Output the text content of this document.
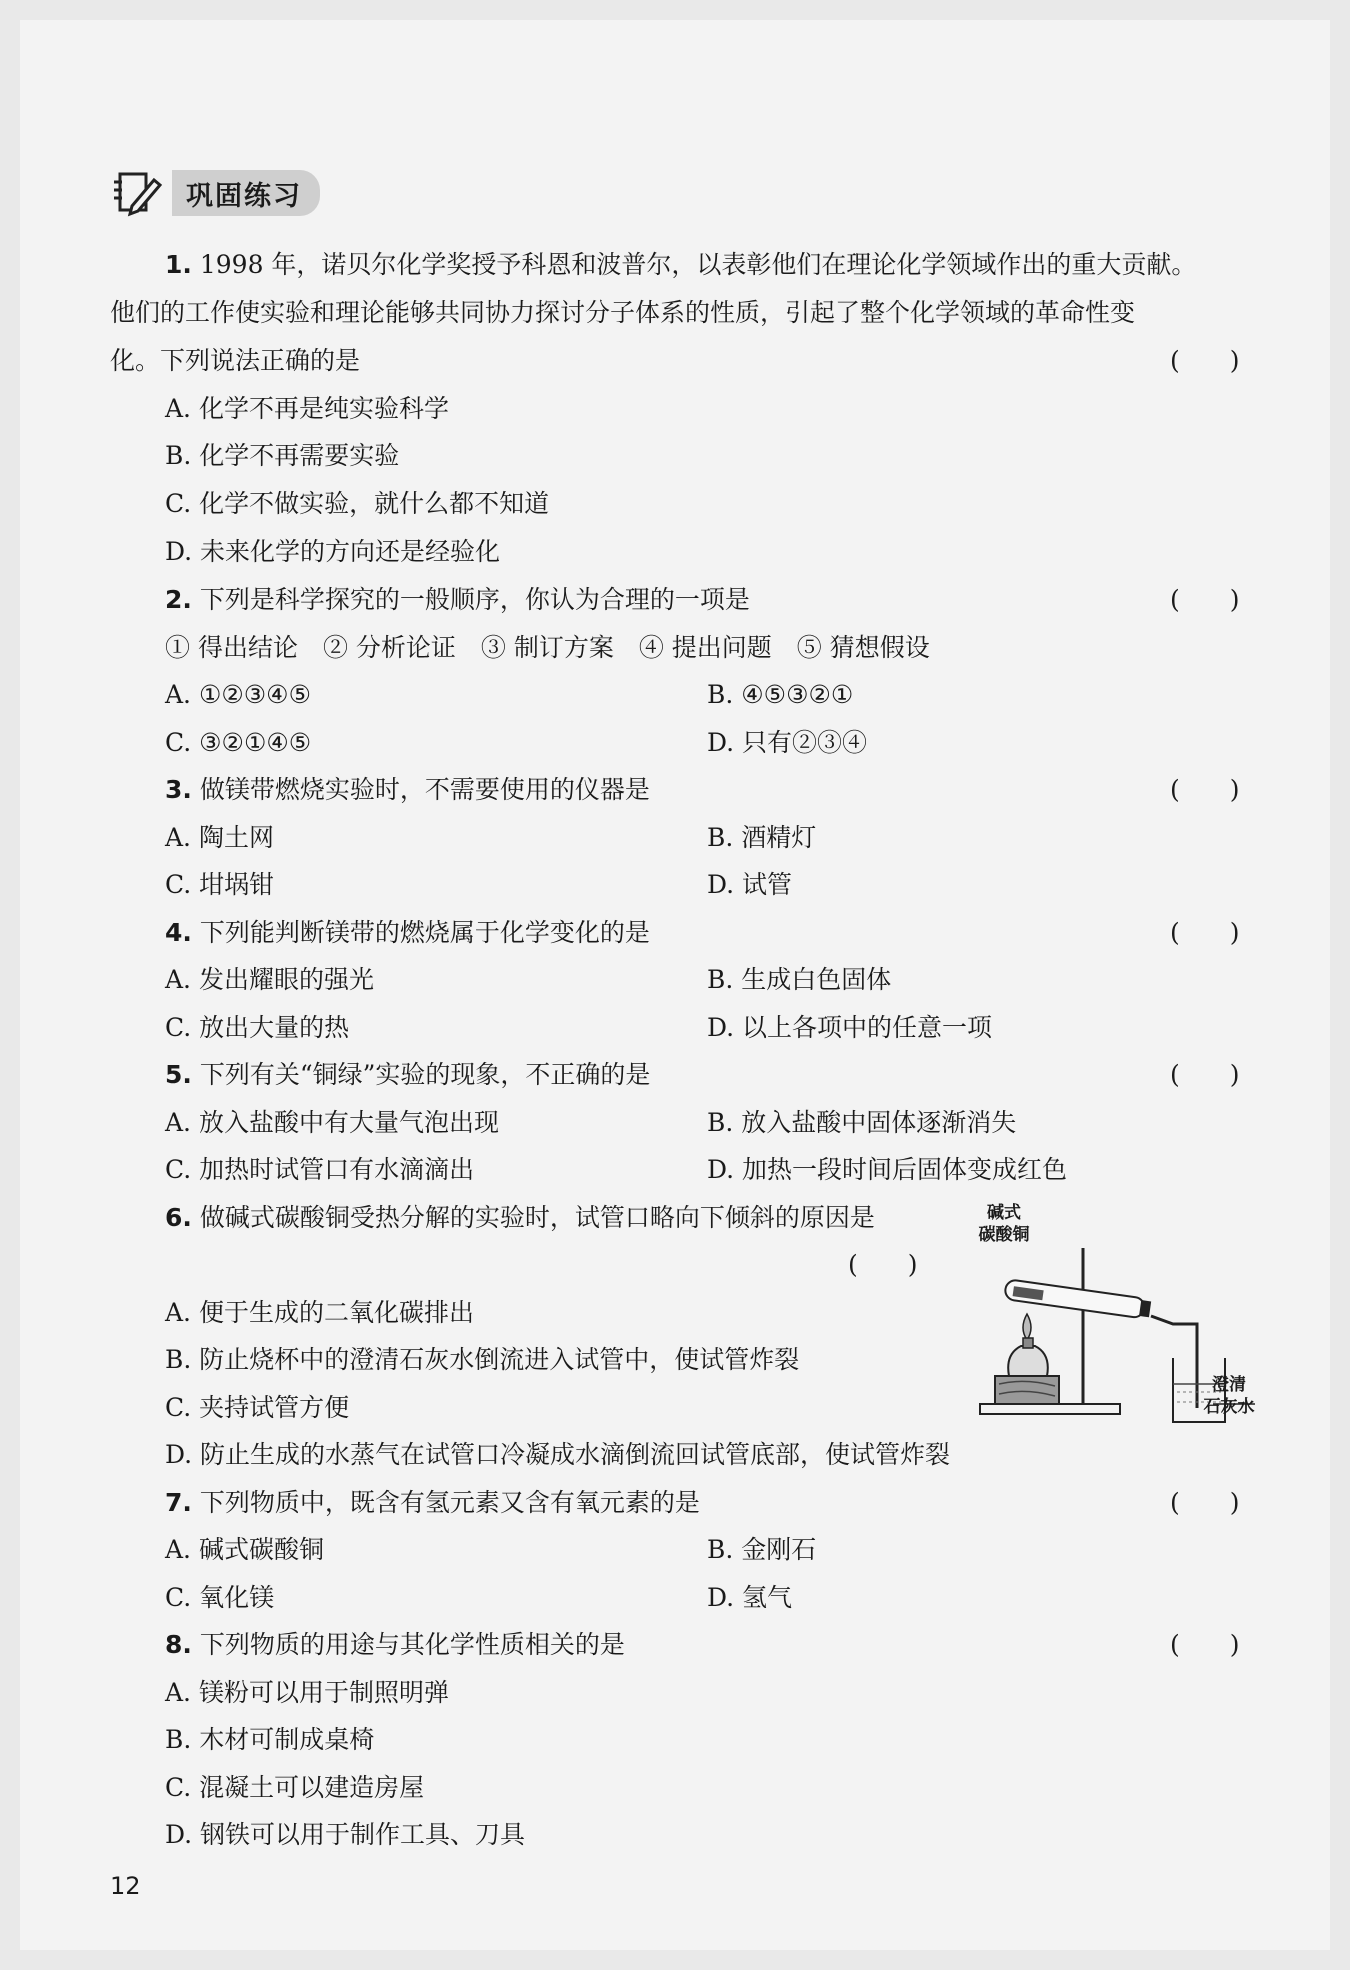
巩固练习
1. 1998 年，诺贝尔化学奖授予科恩和波普尔，以表彰他们在理论化学领域作出的重大贡献。
他们的工作使实验和理论能够共同协力探讨分子体系的性质，引起了整个化学领域的革命性变
化。下列说法正确的是	(　　)
A. 化学不再是纯实验科学
B. 化学不再需要实验
C. 化学不做实验，就什么都不知道
D. 未来化学的方向还是经验化
2. 下列是科学探究的一般顺序，你认为合理的一项是	(　　)
① 得出结论　② 分析论证　③ 制订方案　④ 提出问题　⑤ 猜想假设
A. ①②③④⑤	B. ④⑤③②①
C. ③②①④⑤	D. 只有②③④
3. 做镁带燃烧实验时，不需要使用的仪器是	(　　)
A. 陶土网	B. 酒精灯
C. 坩埚钳	D. 试管
4. 下列能判断镁带的燃烧属于化学变化的是	(　　)
A. 发出耀眼的强光	B. 生成白色固体
C. 放出大量的热	D. 以上各项中的任意一项
5. 下列有关“铜绿”实验的现象，不正确的是	(　　)
A. 放入盐酸中有大量气泡出现	B. 放入盐酸中固体逐渐消失
C. 加热时试管口有水滴滴出	D. 加热一段时间后固体变成红色
6. 做碱式碳酸铜受热分解的实验时，试管口略向下倾斜的原因是
(　　)
A. 便于生成的二氧化碳排出
B. 防止烧杯中的澄清石灰水倒流进入试管中，使试管炸裂
C. 夹持试管方便
D. 防止生成的水蒸气在试管口冷凝成水滴倒流回试管底部，使试管炸裂
碱式
碳酸铜
澄清
石灰水
7. 下列物质中，既含有氢元素又含有氧元素的是	(　　)
A. 碱式碳酸铜	B. 金刚石
C. 氧化镁	D. 氢气
8. 下列物质的用途与其化学性质相关的是	(　　)
A. 镁粉可以用于制照明弹
B. 木材可制成桌椅
C. 混凝土可以建造房屋
D. 钢铁可以用于制作工具、刀具
12
